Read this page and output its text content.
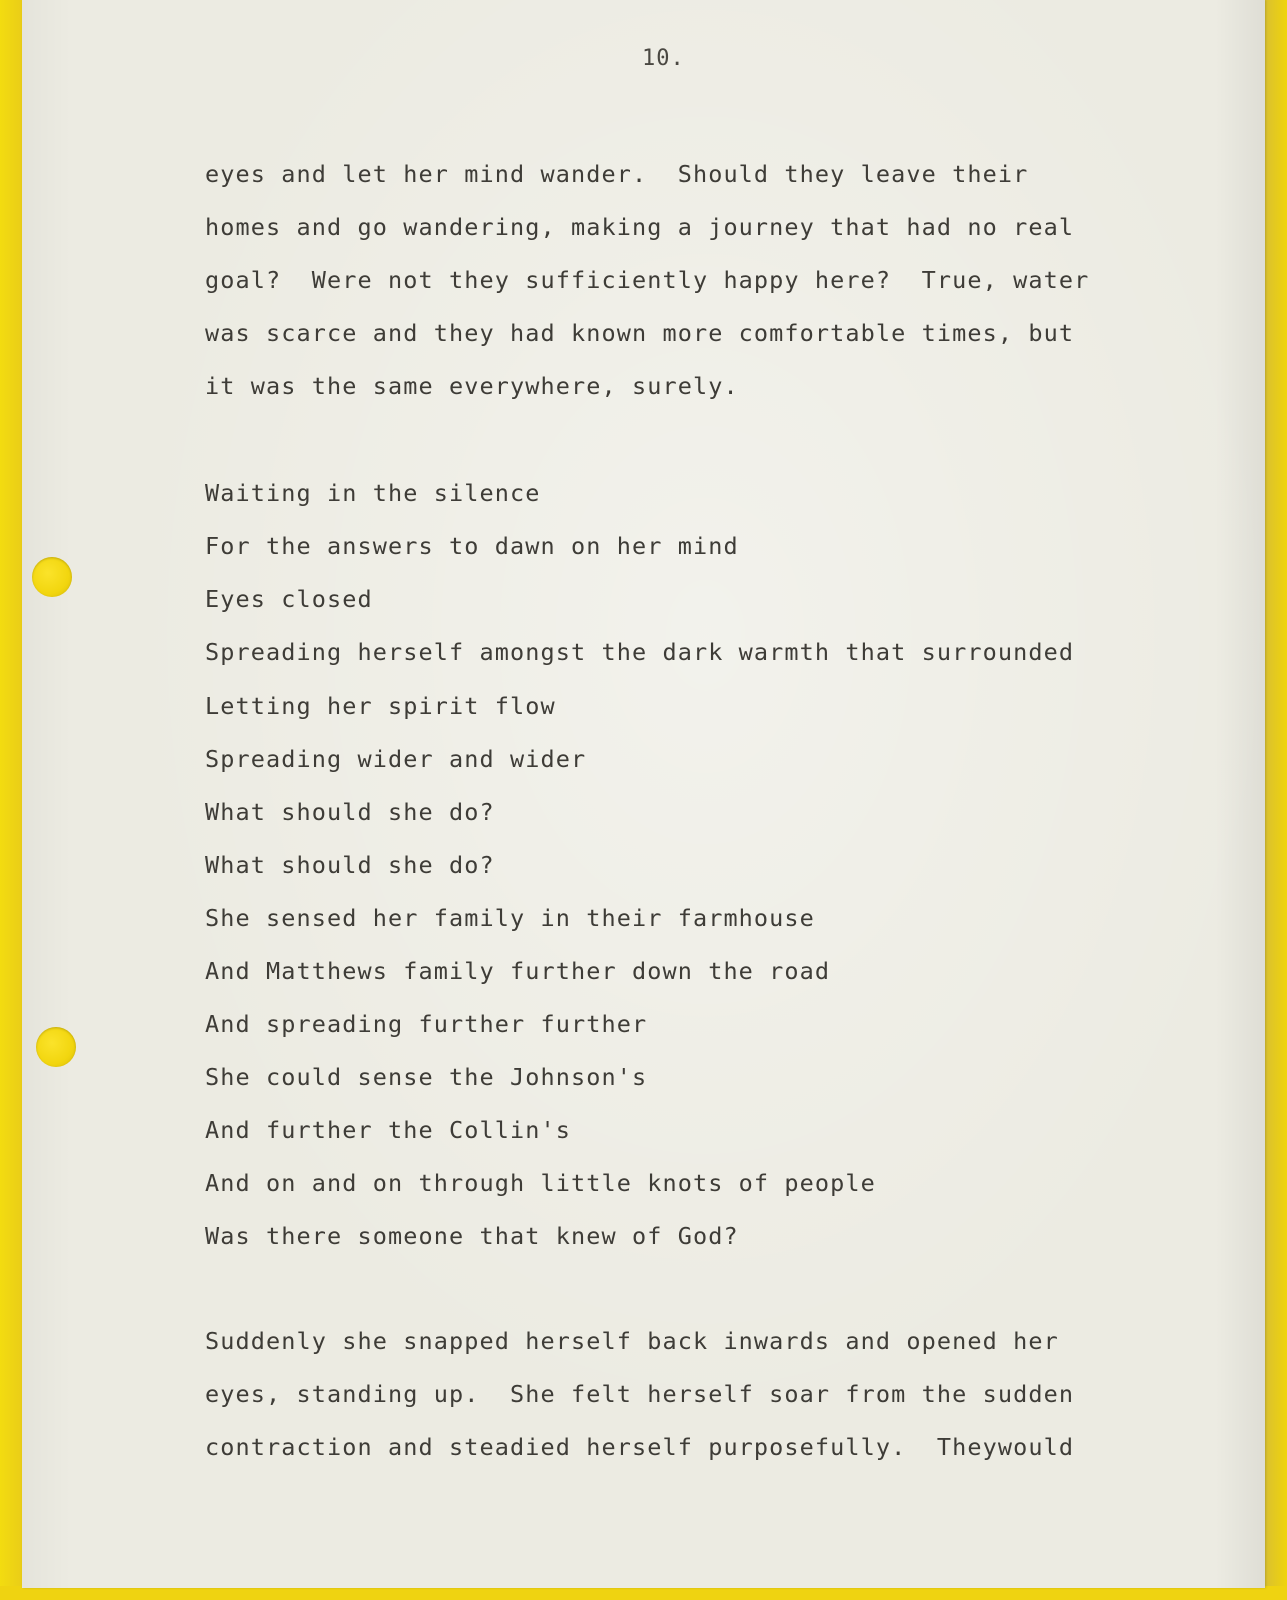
10.
eyes and let her mind wander.  Should they leave their
homes and go wandering, making a journey that had no real
goal?  Were not they sufficiently happy here?  True, water
was scarce and they had known more comfortable times, but
it was the same everywhere, surely.
Waiting in the silence
For the answers to dawn on her mind
Eyes closed
Spreading herself amongst the dark warmth that surrounded
Letting her spirit flow
Spreading wider and wider
What should she do?
What should she do?
She sensed her family in their farmhouse
And Matthews family further down the road
And spreading further further
She could sense the Johnson's
And further the Collin's
And on and on through little knots of people
Was there someone that knew of God?
Suddenly she snapped herself back inwards and opened her
eyes, standing up.  She felt herself soar from the sudden
contraction and steadied herself purposefully.  Theywould
